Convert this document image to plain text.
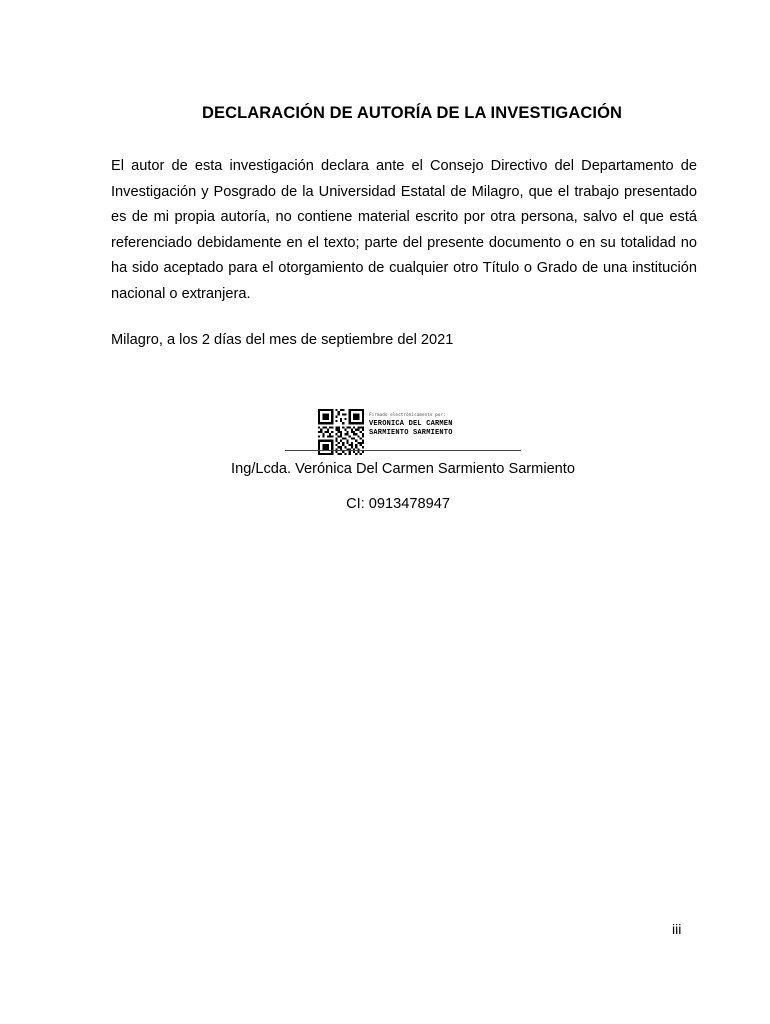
DECLARACIÓN DE AUTORÍA DE LA INVESTIGACIÓN

El autor de esta investigación declara ante el Consejo Directivo del Departamento de Investigación y Posgrado de la Universidad Estatal de Milagro, que el trabajo presentado es de mi propia autoría, no contiene material escrito por otra persona, salvo el que está referenciado debidamente en el texto; parte del presente documento o en su totalidad no ha sido aceptado para el otorgamiento de cualquier otro Título o Grado de una institución nacional o extranjera.

Milagro, a los 2 días del mes de septiembre del 2021
Firmado electrónicamente por:
VERONICA DEL CARMEN
SARMIENTO SARMIENTO
Ing/Lcda. Verónica Del Carmen Sarmiento Sarmiento
CI: 0913478947
iii
